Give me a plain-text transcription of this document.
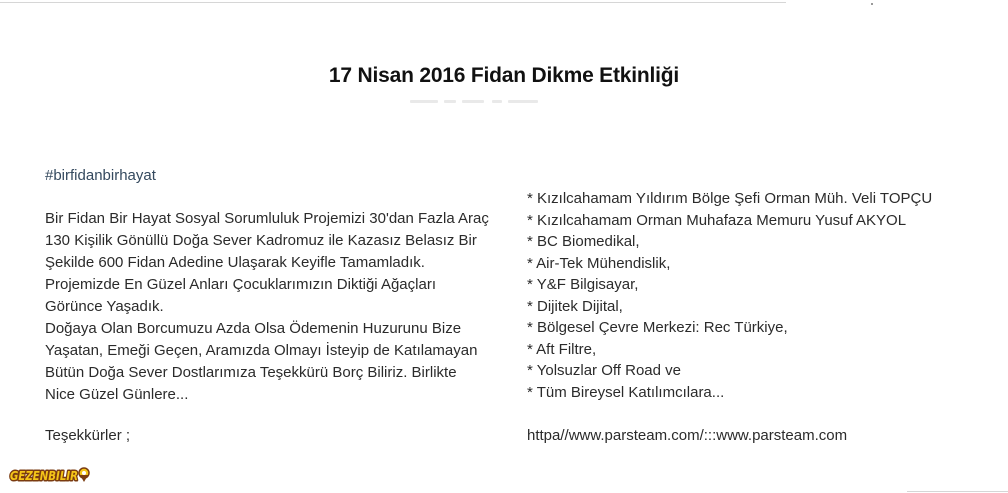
17 Nisan 2016 Fidan Dikme Etkinliği
#birfidanbirhayat

Bir Fidan Bir Hayat Sosyal Sorumluluk Projemizi 30'dan Fazla Araç 130 Kişilik Gönüllü Doğa Sever Kadromuz ile Kazasız Belasız Bir Şekilde 600 Fidan Adedine Ulaşarak Keyifle Tamamladık. Projemizde En Güzel Anları Çocuklarımızın Diktiği Ağaçları Görünce Yaşadık.

Doğaya Olan Borcumuzu Azda Olsa Ödemenin Huzurunu Bize Yaşatan, Emeği Geçen, Aramızda Olmayı İsteyip de Katılamayan Bütün Doğa Sever Dostlarımıza Teşekkürü Borç Biliriz. Birlikte Nice Güzel Günlere...

Teşekkürler ;
* Kızılcahamam Yıldırım Bölge Şefi Orman Müh. Veli TOPÇU
* Kızılcahamam Orman Muhafaza Memuru Yusuf AKYOL
* BC Biomedikal,
* Air-Tek Mühendislik,
* Y&F Bilgisayar,
* Dijitek Dijital,
* Bölgesel Çevre Merkezi: Rec Türkiye,
* Aft Filtre,
* Yolsuzlar Off Road ve
* Tüm Bireysel Katılımcılara...
httpa//www.parsteam.com/:::www.parsteam.com
GEZENBILIR
